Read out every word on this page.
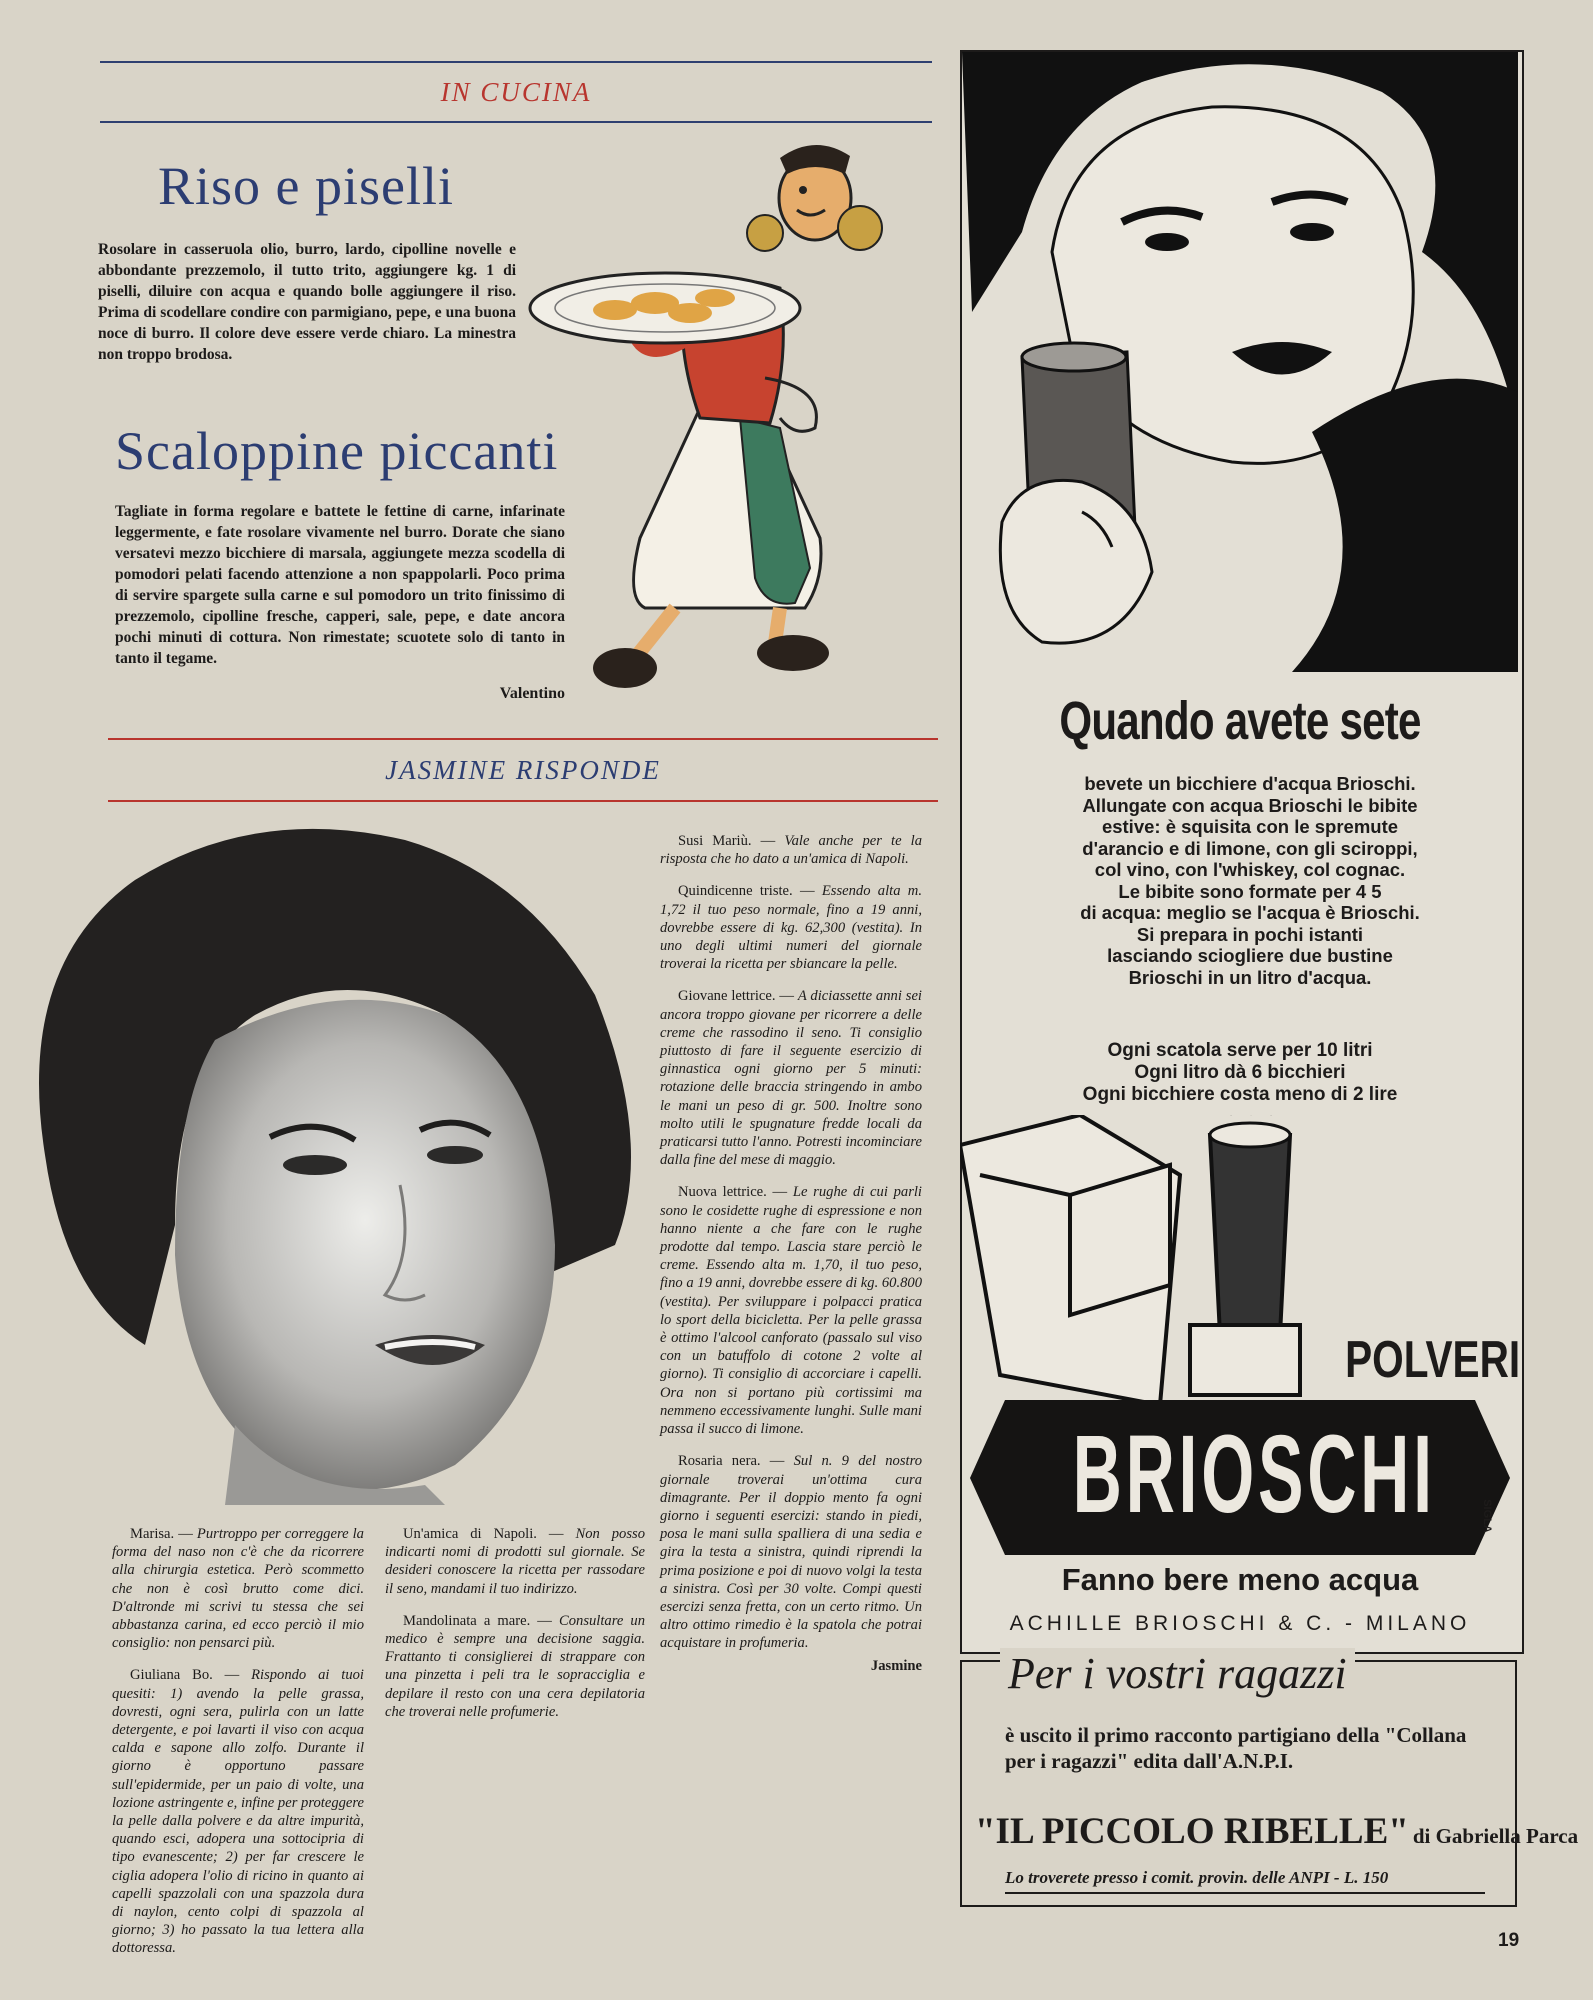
IN CUCINA
Riso e piselli

Rosolare in casseruola olio, burro, lardo, cipolline novelle e abbondante prezzemolo, il tutto trito, aggiungere kg. 1 di piselli, diluire con acqua e quando bolle aggiungere il riso. Prima di scodellare condire con parmigiano, pepe, e una buona noce di burro. Il colore deve essere verde chiaro. La minestra non troppo brodosa.

Scaloppine piccanti

Tagliate in forma regolare e battete le fettine di carne, infarinate leggermente, e fate rosolare vivamente nel burro. Dorate che siano versatevi mezzo bicchiere di marsala, aggiungete mezza scodella di pomodori pelati facendo attenzione a non spappolarli. Poco prima di servire spargete sulla carne e sul pomodoro un trito finissimo di prezzemolo, cipolline fresche, capperi, sale, pepe, e date ancora pochi minuti di cottura. Non rimestate; scuotete solo di tanto in tanto il tegame.

Valentino
JASMINE RISPONDE

Susi Mariù. — Vale anche per te la risposta che ho dato a un'amica di Napoli.

Quindicenne triste. — Essendo alta m. 1,72 il tuo peso normale, fino a 19 anni, dovrebbe essere di kg. 62,300 (vestita). In uno degli ultimi numeri del giornale troverai la ricetta per sbiancare la pelle.

Giovane lettrice. — A diciassette anni sei ancora troppo giovane per ricorrere a delle creme che rassodino il seno. Ti consiglio piuttosto di fare il seguente esercizio di ginnastica ogni giorno per 5 minuti: rotazione delle braccia stringendo in ambo le mani un peso di gr. 500. Inoltre sono molto utili le spugnature fredde locali da praticarsi tutto l'anno. Potresti incominciare dalla fine del mese di maggio.

Nuova lettrice. — Le rughe di cui parli sono le cosidette rughe di espressione e non hanno niente a che fare con le rughe prodotte dal tempo. Lascia stare perciò le creme. Essendo alta m. 1,70, il tuo peso, fino a 19 anni, dovrebbe essere di kg. 60.800 (vestita). Per sviluppare i polpacci pratica lo sport della bicicletta. Per la pelle grassa è ottimo l'alcool canforato (passalo sul viso con un batuffolo di cotone 2 volte al giorno). Ti consiglio di accorciare i capelli. Ora non si portano più cortissimi ma nemmeno eccessivamente lunghi. Sulle mani passa il succo di limone.

Rosaria nera. — Sul n. 9 del nostro giornale troverai un'ottima cura dimagrante. Per il doppio mento fa ogni giorno i seguenti esercizi: stando in piedi, posa le mani sulla spalliera di una sedia e gira la testa a sinistra, quindi riprendi la prima posizione e poi di nuovo volgi la testa a sinistra. Così per 30 volte. Compi questi esercizi senza fretta, con un certo ritmo. Un altro ottimo rimedio è la spatola che potrai acquistare in profumeria.

Jasmine

Marisa. — Purtroppo per correggere la forma del naso non c'è che da ricorrere alla chirurgia estetica. Però scommetto che non è così brutto come dici. D'altronde mi scrivi tu stessa che sei abbastanza carina, ed ecco perciò il mio consiglio: non pensarci più.

Giuliana Bo. — Rispondo ai tuoi quesiti: 1) avendo la pelle grassa, dovresti, ogni sera, pulirla con un latte detergente, e poi lavarti il viso con acqua calda e sapone allo zolfo. Durante il giorno è opportuno passare sull'epidermide, per un paio di volte, una lozione astringente e, infine per proteggere la pelle dalla polvere e da altre impurità, quando esci, adopera una sottocipria di tipo evanescente; 2) per far crescere le ciglia adopera l'olio di ricino in quanto ai capelli spazzolali con una spazzola dura di naylon, cento colpi di spazzola al giorno; 3) ho passato la tua lettera alla dottoressa.

Un'amica di Napoli. — Non posso indicarti nomi di prodotti sul giornale. Se desideri conoscere la ricetta per rassodare il seno, mandami il tuo indirizzo.

Mandolinata a mare. — Consultare un medico è sempre una decisione saggia. Frattanto ti consiglierei di strappare con una pinzetta i peli tra le sopracciglia e depilare il resto con una cera depilatoria che troverai nelle profumerie.

Quando avete sete
bevete un bicchiere d'acqua Brioschi.
Allungate con acqua Brioschi le bibite
estive: è squisita con le spremute
d'arancio e di limone, con gli sciroppi,
col vino, con l'whiskey, col cognac.
Le bibite sono formate per 4 5
di acqua: meglio se l'acqua è Brioschi.
Si prepara in pochi istanti
lasciando sciogliere due bustine
Brioschi in un litro d'acqua.
Ogni scatola serve per 10 litri
Ogni litro dà 6 bicchieri
Ogni bicchiere costa meno di 2 lire
POLVERI
BRIOSCHI	SIGLA
Fanno bere meno acqua
ACHILLE BRIOSCHI & C. - MILANO
Per i vostri ragazzi
è uscito il primo racconto partigiano della "Collana per i ragazzi" edita dall'A.N.P.I.
"IL PICCOLO RIBELLE" di Gabriella Parca
Lo troverete presso i comit. provin. delle ANPI - L. 150
19
